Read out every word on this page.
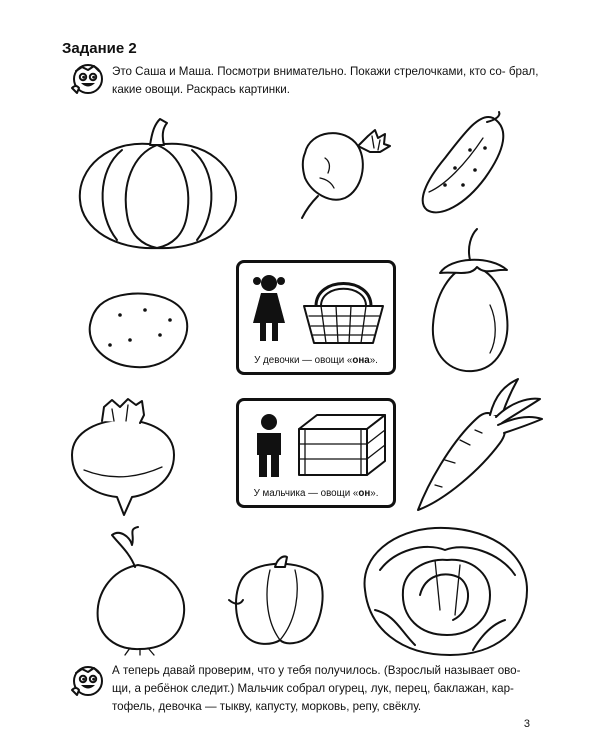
Задание 2
Это Саша и Маша. Посмотри внимательно. Покажи стрелочками, кто со- брал, какие овощи. Раскрась картинки.
У девочки — овощи «она».
У мальчика — овощи «он».
А теперь давай проверим, что у тебя получилось. (Взрослый называет ово- щи, а ребёнок следит.) Мальчик собрал огурец, лук, перец, баклажан, кар- тофель, девочка — тыкву, капусту, морковь, репу, свёклу.
3
